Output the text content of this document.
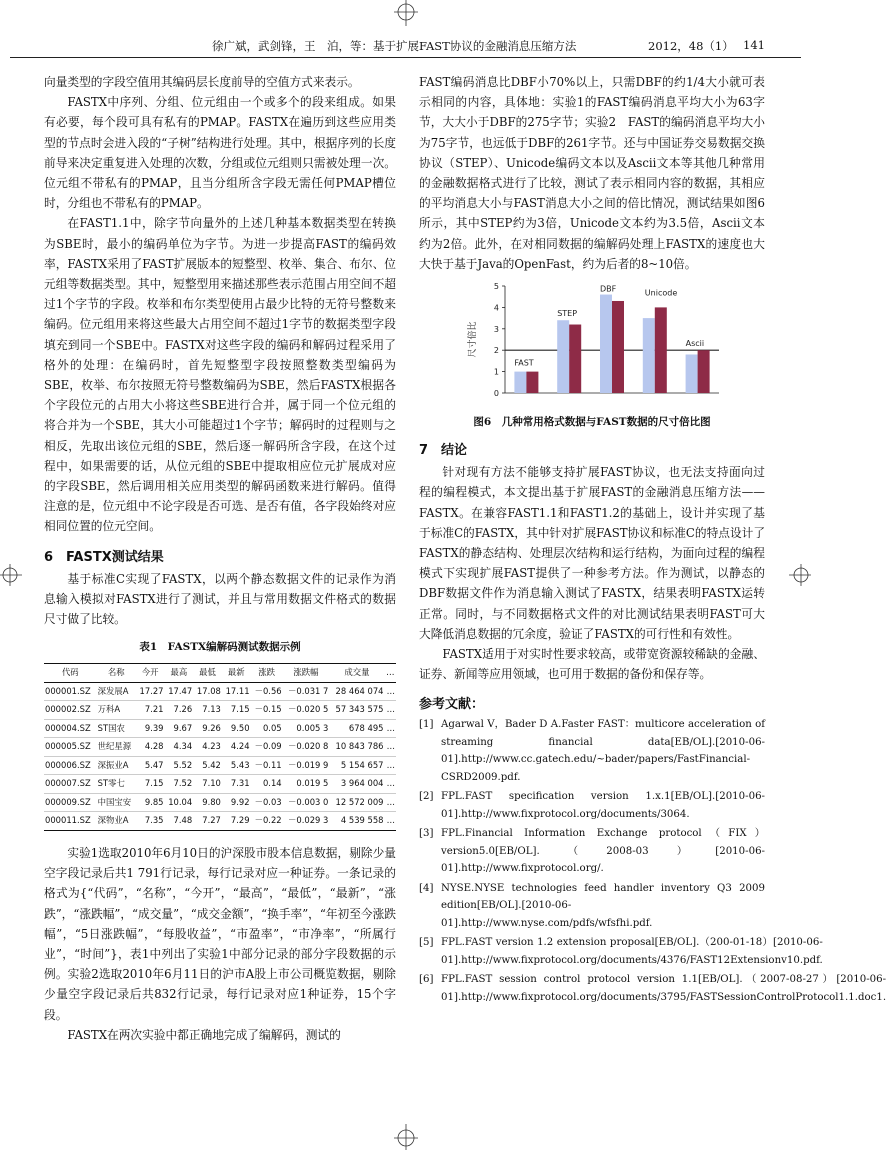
徐广斌，武剑锋，王　泊，等：基于扩展FAST协议的金融消息压缩方法	2012，48（1） 141

向量类型的字段空值用其编码层长度前导的空值方式来表示。

FASTX中序列、分组、位元组由一个或多个的段来组成。如果有必要，每个段可具有私有的PMAP。FASTX在遍历到这些应用类型的节点时会进入段的“子树”结构进行处理。其中，根据序列的长度前导来决定重复进入处理的次数，分组或位元组则只需被处理一次。位元组不带私有的PMAP，且当分组所含字段无需任何PMAP槽位时，分组也不带私有的PMAP。

在FAST1.1中，除字节向量外的上述几种基本数据类型在转换为SBE时，最小的编码单位为字节。为进一步提高FAST的编码效率，FASTX采用了FAST扩展版本的短整型、枚举、集合、布尔、位元组等数据类型。其中，短整型用来描述那些表示范围占用空间不超过1个字节的字段。枚举和布尔类型使用占最少比特的无符号整数来编码。位元组用来将这些最大占用空间不超过1字节的数据类型字段填充到同一个SBE中。FASTX对这些字段的编码和解码过程采用了格外的处理：在编码时，首先短整型字段按照整数类型编码为SBE，枚举、布尔按照无符号整数编码为SBE，然后FASTX根据各个字段位元的占用大小将这些SBE进行合并，属于同一个位元组的将合并为一个SBE，其大小可能超过1个字节；解码时的过程则与之相反，先取出该位元组的SBE，然后逐一解码所含字段，在这个过程中，如果需要的话，从位元组的SBE中提取相应位元扩展成对应的字段SBE，然后调用相关应用类型的解码函数来进行解码。值得注意的是，位元组中不论字段是否可选、是否有值，各字段始终对应相同位置的位元空间。

6　FASTX测试结果

基于标准C实现了FASTX，以两个静态数据文件的记录作为消息输入模拟对FASTX进行了测试，并且与常用数据文件格式的数据尺寸做了比较。

表1　FASTX编解码测试数据示例
代码	名称	今开	最高	最低	最新	涨跌	涨跌幅	成交量	…
000001.SZ	深发展A	17.27	17.47	17.08	17.11	－0.56	－0.031 7	28 464 074	…
000002.SZ	万科A	7.21	7.26	7.13	7.15	－0.15	－0.020 5	57 343 575	…
000004.SZ	ST国农	9.39	9.67	9.26	9.50	0.05	0.005 3	678 495	…
000005.SZ	世纪星源	4.28	4.34	4.23	4.24	－0.09	－0.020 8	10 843 786	…
000006.SZ	深振业A	5.47	5.52	5.42	5.43	－0.11	－0.019 9	5 154 657	…
000007.SZ	ST零七	7.15	7.52	7.10	7.31	0.14	0.019 5	3 964 004	…
000009.SZ	中国宝安	9.85	10.04	9.80	9.92	－0.03	－0.003 0	12 572 009	…
000011.SZ	深物业A	7.35	7.48	7.27	7.29	－0.22	－0.029 3	4 539 558	…

实验1选取2010年6月10日的沪深股市股本信息数据，剔除少量空字段记录后共1 791行记录，每行记录对应一种证券。一条记录的格式为{“代码”，“名称”，“今开”，“最高”，“最低”，“最新”，“涨跌”，“涨跌幅”，“成交量”，“成交金额”，“换手率”，“年初至今涨跌幅”，“5日涨跌幅”，“每股收益”，“市盈率”，“市净率”，“所属行业”，“时间”}，表1中列出了实验1中部分记录的部分字段数据的示例。实验2选取2010年6月11日的沪市A股上市公司概览数据，剔除少量空字段记录后共832行记录，每行记录对应1种证券，15个字段。

FASTX在两次实验中都正确地完成了编解码，测试的

FAST编码消息比DBF小70%以上，只需DBF的约1/4大小就可表示相同的内容，具体地：实验1的FAST编码消息平均大小为63字节，大大小于DBF的275字节；实验2　FAST的编码消息平均大小为75字节，也远低于DBF的261字节。还与中国证券交易数据交换协议（STEP）、Unicode编码文本以及Ascii文本等其他几种常用的金融数据格式进行了比较，测试了表示相同内容的数据，其相应的平均消息大小与FAST消息大小之间的倍比情况，测试结果如图6所示，其中STEP约为3倍，Unicode文本约为3.5倍，Ascii文本约为2倍。此外，在对相同数据的编解码处理上FASTX的速度也大大快于基于Java的OpenFast，约为后者的8~10倍。

0
1
2
3
4
5
尺寸倍比
FAST
STEP
DBF	Unicode
Ascii
图6　几种常用格式数据与FAST数据的尺寸倍比图
7　结论

针对现有方法不能够支持扩展FAST协议，也无法支持面向过程的编程模式，本文提出基于扩展FAST的金融消息压缩方法——FASTX。在兼容FAST1.1和FAST1.2的基础上，设计并实现了基于标准C的FASTX，其中针对扩展FAST协议和标准C的特点设计了FASTX的静态结构、处理层次结构和运行结构，为面向过程的编程模式下实现扩展FAST提供了一种参考方法。作为测试，以静态的DBF数据文件作为消息输入测试了FASTX，结果表明FASTX运转正常。同时，与不同数据格式文件的对比测试结果表明FAST可大大降低消息数据的冗余度，验证了FASTX的可行性和有效性。

FASTX适用于对实时性要求较高，或带宽资源较稀缺的金融、证券、新闻等应用领域，也可用于数据的备份和保存等。

参考文献：
[1] Agarwal V，Bader D A.Faster FAST：multicore acceleration of streaming financial data[EB/OL].[2010-06-01].http://www.cc.gatech.edu/~bader/papers/FastFinancial-CSRD2009.pdf.
[2] FPL.FAST specification version 1.x.1[EB/OL].[2010-06-01].http://www.fixprotocol.org/documents/3064.
[3] FPL.Financial Information Exchange protocol（FIX）version5.0[EB/OL].（2008-03）[2010-06-01].http://www.fixprotocol.org/.
[4] NYSE.NYSE technologies feed handler inventory Q3 2009 edition[EB/OL].[2010-06-01].http://www.nyse.com/pdfs/wfsfhi.pdf.
[5] FPL.FAST version 1.2 extension proposal[EB/OL].（200-01-18）[2010-06-01].http://www.fixprotocol.org/documents/4376/FAST12Extensionv10.pdf.
[6] FPL.FAST session control protocol version 1.1[EB/OL].（2007-08-27）[2010-06-01].http://www.fixprotocol.org/documents/3795/FASTSessionControlProtocol1.1.doc1.
